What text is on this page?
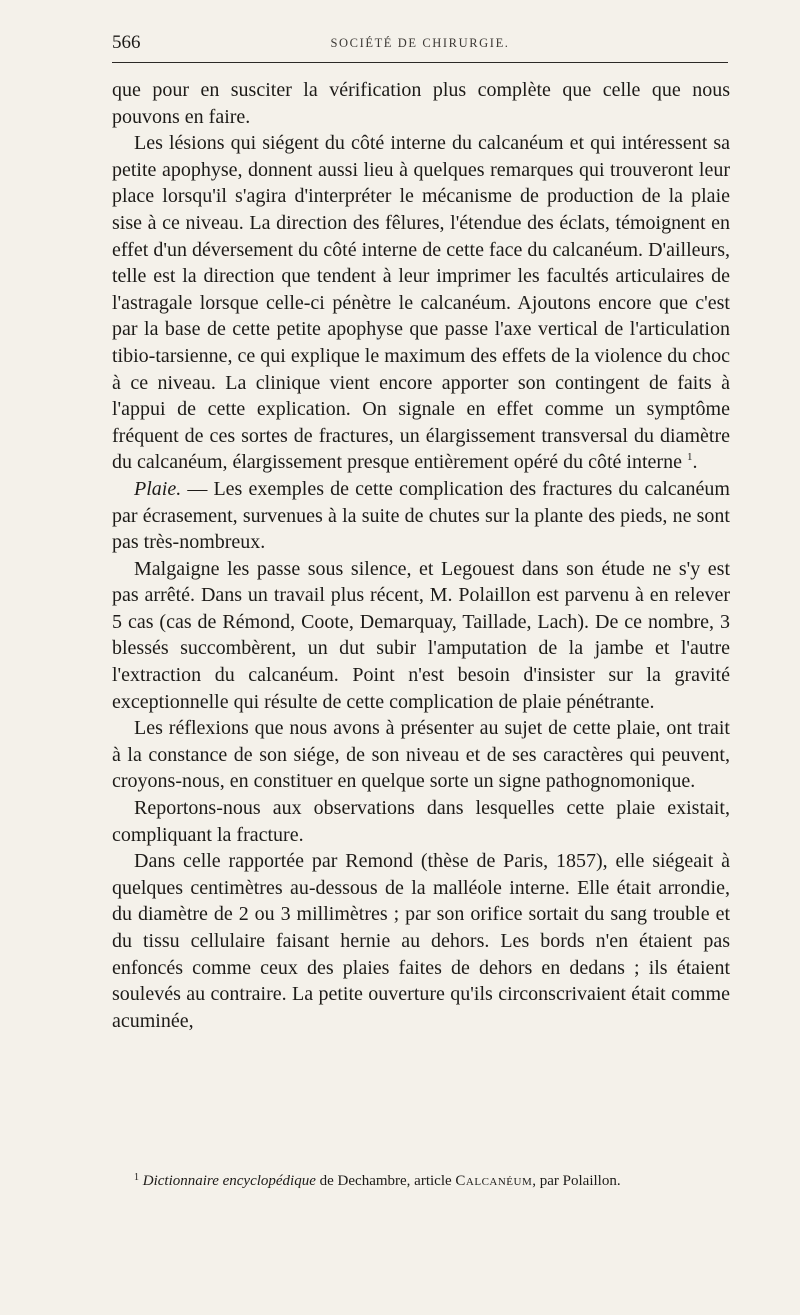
566	SOCIÉTÉ DE CHIRURGIE.

que pour en susciter la vérification plus complète que celle que nous pouvons en faire.

Les lésions qui siégent du côté interne du calcanéum et qui intéressent sa petite apophyse, donnent aussi lieu à quelques remarques qui trouveront leur place lorsqu'il s'agira d'interpréter le mécanisme de production de la plaie sise à ce niveau. La direction des fêlures, l'étendue des éclats, témoignent en effet d'un déversement du côté interne de cette face du calcanéum. D'ailleurs, telle est la direction que tendent à leur imprimer les facultés articulaires de l'astragale lorsque celle-ci pénètre le calcanéum. Ajoutons encore que c'est par la base de cette petite apophyse que passe l'axe vertical de l'articulation tibio-tarsienne, ce qui explique le maximum des effets de la violence du choc à ce niveau. La clinique vient encore apporter son contingent de faits à l'appui de cette explication. On signale en effet comme un symptôme fréquent de ces sortes de fractures, un élargissement transversal du diamètre du calcanéum, élargissement presque entièrement opéré du côté interne $^1$.

Plaie. — Les exemples de cette complication des fractures du calcanéum par écrasement, survenues à la suite de chutes sur la plante des pieds, ne sont pas très-nombreux.

Malgaigne les passe sous silence, et Legouest dans son étude ne s'y est pas arrêté. Dans un travail plus récent, M. Polaillon est parvenu à en relever 5 cas (cas de Rémond, Coote, Demarquay, Taillade, Lach). De ce nombre, 3 blessés succombèrent, un dut subir l'amputation de la jambe et l'autre l'extraction du calcanéum. Point n'est besoin d'insister sur la gravité exceptionnelle qui résulte de cette complication de plaie pénétrante.

Les réflexions que nous avons à présenter au sujet de cette plaie, ont trait à la constance de son siége, de son niveau et de ses caractères qui peuvent, croyons-nous, en constituer en quelque sorte un signe pathognomonique.

Reportons-nous aux observations dans lesquelles cette plaie existait, compliquant la fracture.

Dans celle rapportée par Remond (thèse de Paris, 1857), elle siégeait à quelques centimètres au-dessous de la malléole interne. Elle était arrondie, du diamètre de 2 ou 3 millimètres ; par son orifice sortait du sang trouble et du tissu cellulaire faisant hernie au dehors. Les bords n'en étaient pas enfoncés comme ceux des plaies faites de dehors en dedans ; ils étaient soulevés au contraire. La petite ouverture qu'ils circonscrivaient était comme acuminée,

$^1$ Dictionnaire encyclopédique de Dechambre, article Calcanéum, par Polaillon.
